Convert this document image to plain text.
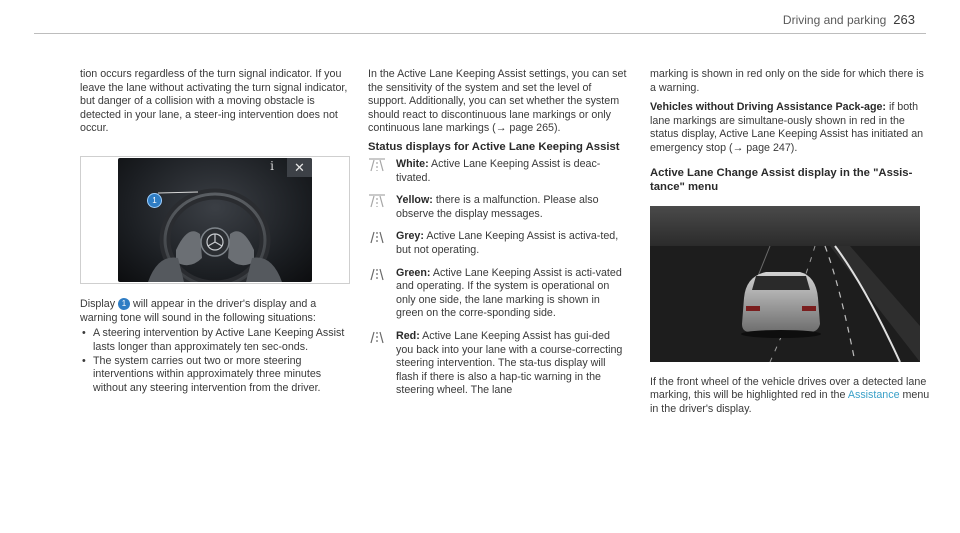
Driving and parking 263

tion occurs regardless of the turn signal indicator. If you leave the lane without activating the turn signal indicator, but danger of a collision with a moving obstacle is detected in your lane, a steer-ing intervention does not occur.

i	✕
1

Display 1 will appear in the driver's display and a warning tone will sound in the following situations:

• A steering intervention by Active Lane Keeping Assist lasts longer than approximately ten sec-onds.
• The system carries out two or more steering interventions within approximately three minutes without any steering intervention from the driver.

In the Active Lane Keeping Assist settings, you can set the sensitivity of the system and set the level of support. Additionally, you can set whether the system should react to discontinuous lane markings or only continuous lane markings (→ page 265).

Status displays for Active Lane Keeping Assist

White: Active Lane Keeping Assist is deac-tivated.

Yellow: there is a malfunction. Please also observe the display messages.

Grey: Active Lane Keeping Assist is activa-ted, but not operating.

Green: Active Lane Keeping Assist is acti-vated and operating. If the system is operational on only one side, the lane marking is shown in green on the corre-sponding side.

Red: Active Lane Keeping Assist has gui-ded you back into your lane with a course-correcting steering intervention. The sta-tus display will flash if there is also a hap-tic warning in the steering wheel. The lane

marking is shown in red only on the side for which there is a warning.

Vehicles without Driving Assistance Pack-age: if both lane markings are simultane-ously shown in red in the status display, Active Lane Keeping Assist has initiated an emergency stop (→ page 247).

Active Lane Change Assist display in the "Assis-tance" menu

If the front wheel of the vehicle drives over a detected lane marking, this will be highlighted red in the Assistance menu in the driver's display.
